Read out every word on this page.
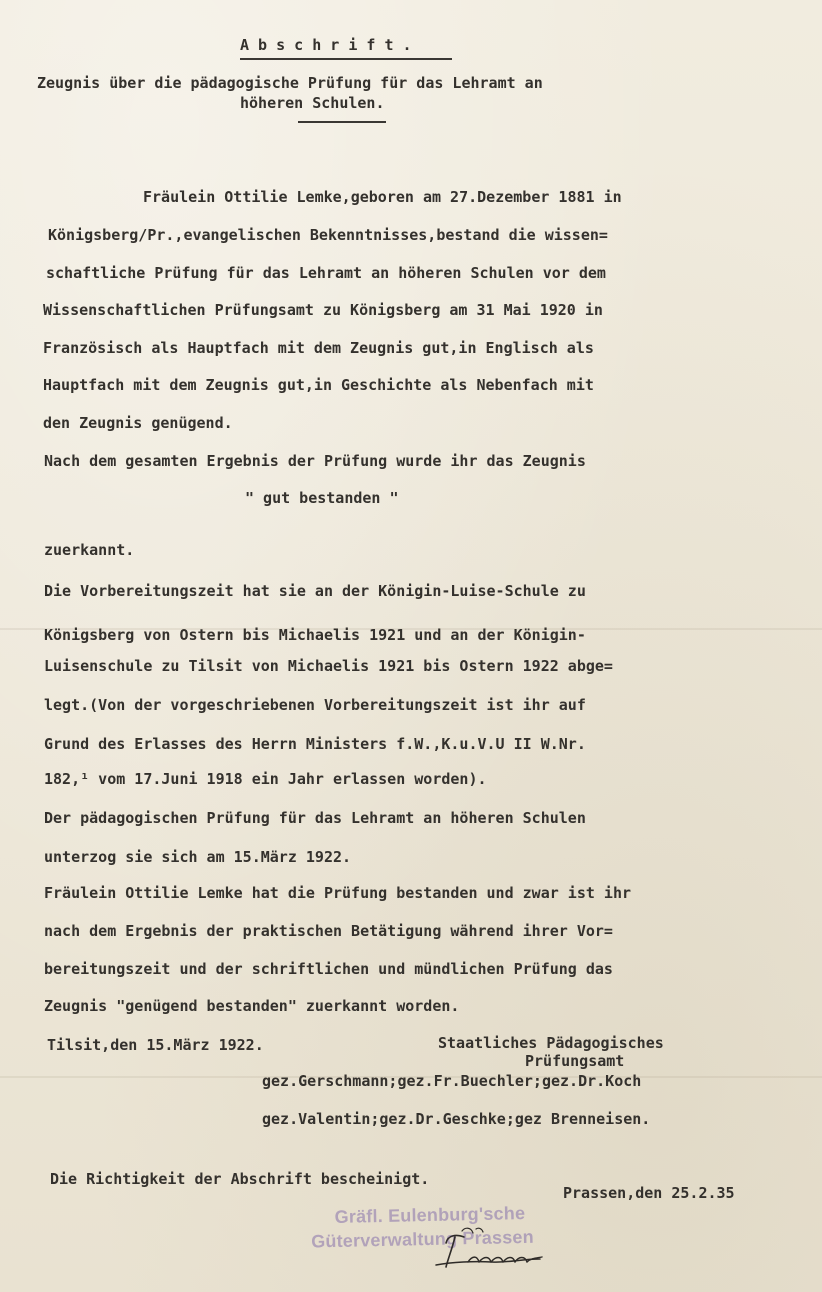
A b s c h r i f t .
Zeugnis über die pädagogische Prüfung für das Lehramt an
höheren Schulen.
Fräulein Ottilie Lemke,geboren am 27.Dezember 1881 in
Königsberg/Pr.,evangelischen Bekenntnisses,bestand die wissen=
schaftliche Prüfung für das Lehramt an höheren Schulen vor dem
Wissenschaftlichen Prüfungsamt zu Königsberg am 31 Mai 1920 in
Französisch als Hauptfach mit dem Zeugnis gut,in Englisch als
Hauptfach mit dem Zeugnis gut,in Geschichte als Nebenfach mit
den Zeugnis genügend.
Nach dem gesamten Ergebnis der Prüfung wurde ihr das Zeugnis
" gut bestanden "
zuerkannt.
Die Vorbereitungszeit hat sie an der Königin-Luise-Schule zu
Königsberg von Ostern bis Michaelis 1921 und an der Königin-
Luisenschule zu Tilsit von Michaelis 1921 bis Ostern 1922 abge=
legt.(Von der vorgeschriebenen Vorbereitungszeit ist ihr auf
Grund des Erlasses des Herrn Ministers f.W.,K.u.V.U II W.Nr.
182,¹ vom 17.Juni 1918 ein Jahr erlassen worden).
Der pädagogischen Prüfung für das Lehramt an höheren Schulen
unterzog sie sich am 15.März 1922.
Fräulein Ottilie Lemke hat die Prüfung bestanden und zwar ist ihr
nach dem Ergebnis der praktischen Betätigung während ihrer Vor=
bereitungszeit und der schriftlichen und mündlichen Prüfung das
Zeugnis "genügend bestanden" zuerkannt worden.
Tilsit,den 15.März 1922.	Staatliches Pädagogisches
Prüfungsamt
gez.Gerschmann;gez.Fr.Buechler;gez.Dr.Koch
gez.Valentin;gez.Dr.Geschke;gez Brenneisen.
Die Richtigkeit der Abschrift bescheinigt.
Prassen,den 25.2.35
Gräfl. Eulenburg'sche
Güterverwaltung Prassen
